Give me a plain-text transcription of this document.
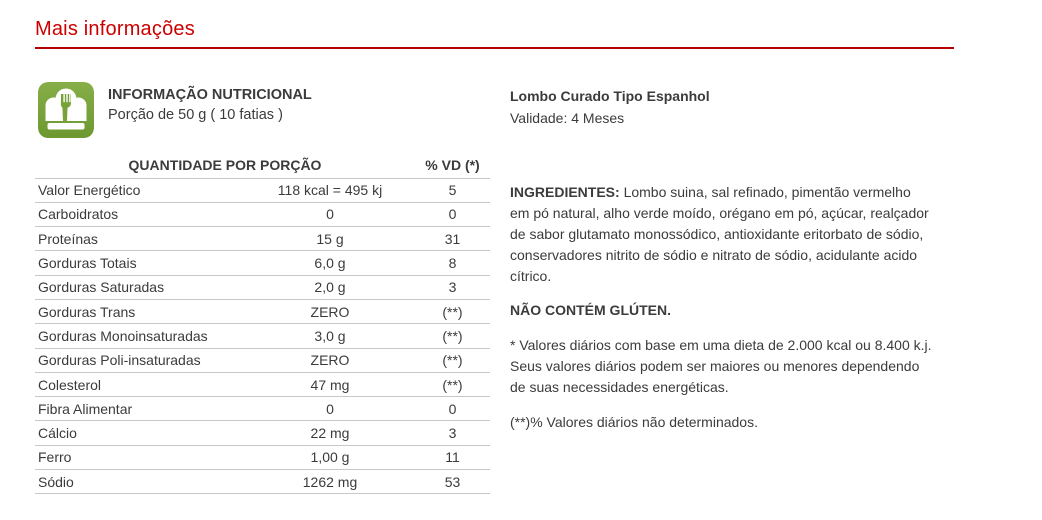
Mais informações
INFORMAÇÃO NUTRICIONAL
Porção de 50 g ( 10 fatias )
QUANTIDADE POR PORÇÃO		% VD (*)
Valor Energético	118 kcal = 495 kj	5
Carboidratos	0	0
Proteínas	15 g	31
Gorduras Totais	6,0 g	8
Gorduras Saturadas	2,0 g	3
Gorduras Trans	ZERO	(**)
Gorduras Monoinsaturadas	3,0 g	(**)
Gorduras Poli-insaturadas	ZERO	(**)
Colesterol	47 mg	(**)
Fibra Alimentar	0	0
Cálcio	22 mg	3
Ferro	1,00 g	11
Sódio	1262 mg	53
Lombo Curado Tipo Espanhol
Validade: 4 Meses

INGREDIENTES: Lombo suina, sal refinado, pimentão vermelho em pó natural, alho verde moído, orégano em pó, açúcar, realçador de sabor glutamato monossódico, antioxidante eritorbato de sódio, conservadores nitrito de sódio e nitrato de sódio, acidulante acido cítrico.

NÃO CONTÉM GLÚTEN.

* Valores diários com base em uma dieta de 2.000 kcal ou 8.400 k.j. Seus valores diários podem ser maiores ou menores dependendo de suas necessidades energéticas.

(**)% Valores diários não determinados.
